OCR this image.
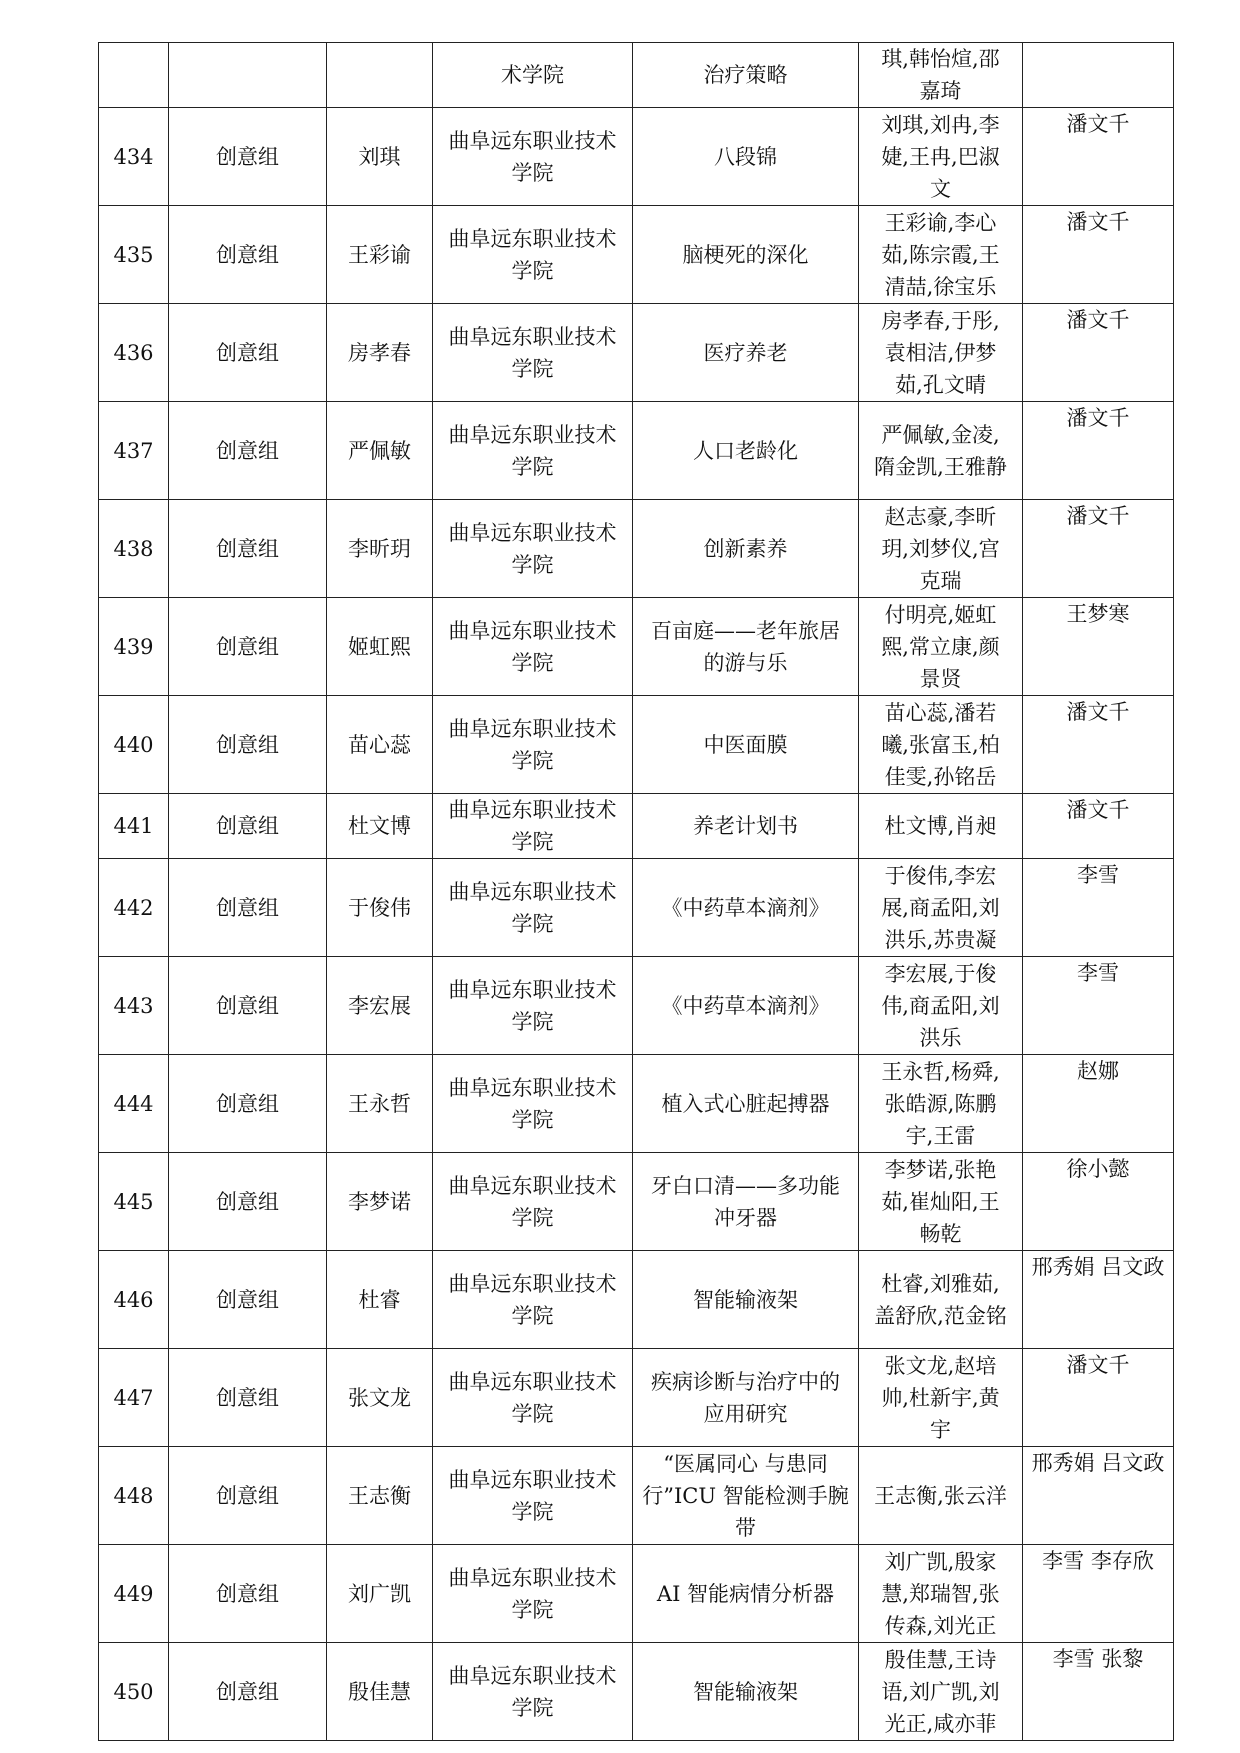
			术学院	治疗策略	琪,韩怡煊,邵嘉琦	
434	创意组	刘琪	曲阜远东职业技术学院	八段锦	刘琪,刘冉,李婕,王冉,巴淑文	潘文千
435	创意组	王彩谕	曲阜远东职业技术学院	脑梗死的深化	王彩谕,李心茹,陈宗霞,王清喆,徐宝乐	潘文千
436	创意组	房孝春	曲阜远东职业技术学院	医疗养老	房孝春,于彤,袁相洁,伊梦茹,孔文晴	潘文千
437	创意组	严佩敏	曲阜远东职业技术学院	人口老龄化	严佩敏,金凌,隋金凯,王雅静	潘文千
438	创意组	李昕玥	曲阜远东职业技术学院	创新素养	赵志豪,李昕玥,刘梦仪,宫克瑞	潘文千
439	创意组	姬虹熙	曲阜远东职业技术学院	百亩庭——老年旅居的游与乐	付明亮,姬虹熙,常立康,颜景贤	王梦寒
440	创意组	苗心蕊	曲阜远东职业技术学院	中医面膜	苗心蕊,潘若曦,张富玉,柏佳雯,孙铭岳	潘文千
441	创意组	杜文博	曲阜远东职业技术学院	养老计划书	杜文博,肖昶	潘文千
442	创意组	于俊伟	曲阜远东职业技术学院	《中药草本滴剂》	于俊伟,李宏展,商孟阳,刘洪乐,苏贵凝	李雪
443	创意组	李宏展	曲阜远东职业技术学院	《中药草本滴剂》	李宏展,于俊伟,商孟阳,刘洪乐	李雪
444	创意组	王永哲	曲阜远东职业技术学院	植入式心脏起搏器	王永哲,杨舜,张皓源,陈鹏宇,王雷	赵娜
445	创意组	李梦诺	曲阜远东职业技术学院	牙白口清——多功能冲牙器	李梦诺,张艳茹,崔灿阳,王畅乾	徐小懿
446	创意组	杜睿	曲阜远东职业技术学院	智能输液架	杜睿,刘雅茹,盖舒欣,范金铭	邢秀娟 吕文政
447	创意组	张文龙	曲阜远东职业技术学院	疾病诊断与治疗中的应用研究	张文龙,赵培帅,杜新宇,黄宇	潘文千
448	创意组	王志衡	曲阜远东职业技术学院	“医属同心 与患同行”ICU 智能检测手腕带	王志衡,张云洋	邢秀娟 吕文政
449	创意组	刘广凯	曲阜远东职业技术学院	AI 智能病情分析器	刘广凯,殷家慧,郑瑞智,张传森,刘光正	李雪 李存欣
450	创意组	殷佳慧	曲阜远东职业技术学院	智能输液架	殷佳慧,王诗语,刘广凯,刘光正,咸亦菲	李雪 张黎
